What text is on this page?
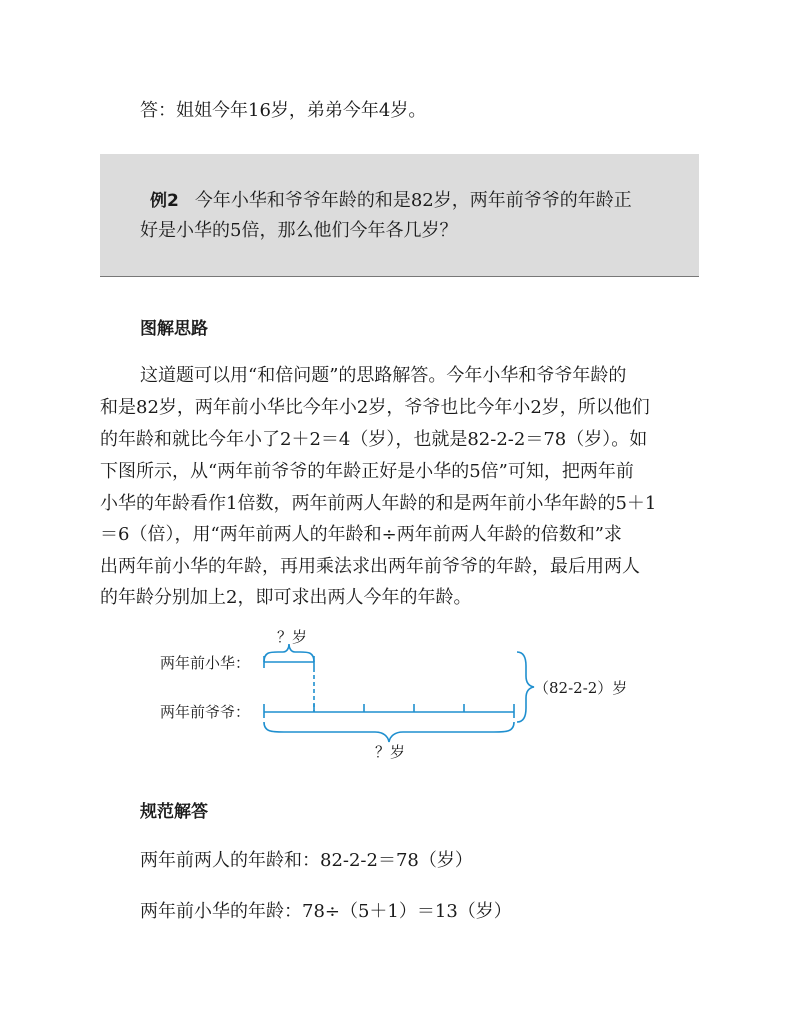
答：姐姐今年16岁，弟弟今年4岁。
例2 今年小华和爷爷年龄的和是82岁，两年前爷爷的年龄正
好是小华的5倍，那么他们今年各几岁？
图解思路
这道题可以用“和倍问题”的思路解答。今年小华和爷爷年龄的
和是82岁，两年前小华比今年小2岁，爷爷也比今年小2岁，所以他们
的年龄和就比今年小了2＋2＝4（岁），也就是82-2-2＝78（岁）。如
下图所示，从“两年前爷爷的年龄正好是小华的5倍”可知，把两年前
小华的年龄看作1倍数，两年前两人年龄的和是两年前小华年龄的5＋1
＝6（倍），用“两年前两人的年龄和÷两年前两人年龄的倍数和”求
出两年前小华的年龄，再用乘法求出两年前爷爷的年龄，最后用两人
的年龄分别加上2，即可求出两人今年的年龄。
？岁
两年前小华：
两年前爷爷：
（82-2-2）岁
？岁
规范解答
两年前两人的年龄和：82-2-2＝78（岁）
两年前小华的年龄：78÷（5＋1）＝13（岁）
